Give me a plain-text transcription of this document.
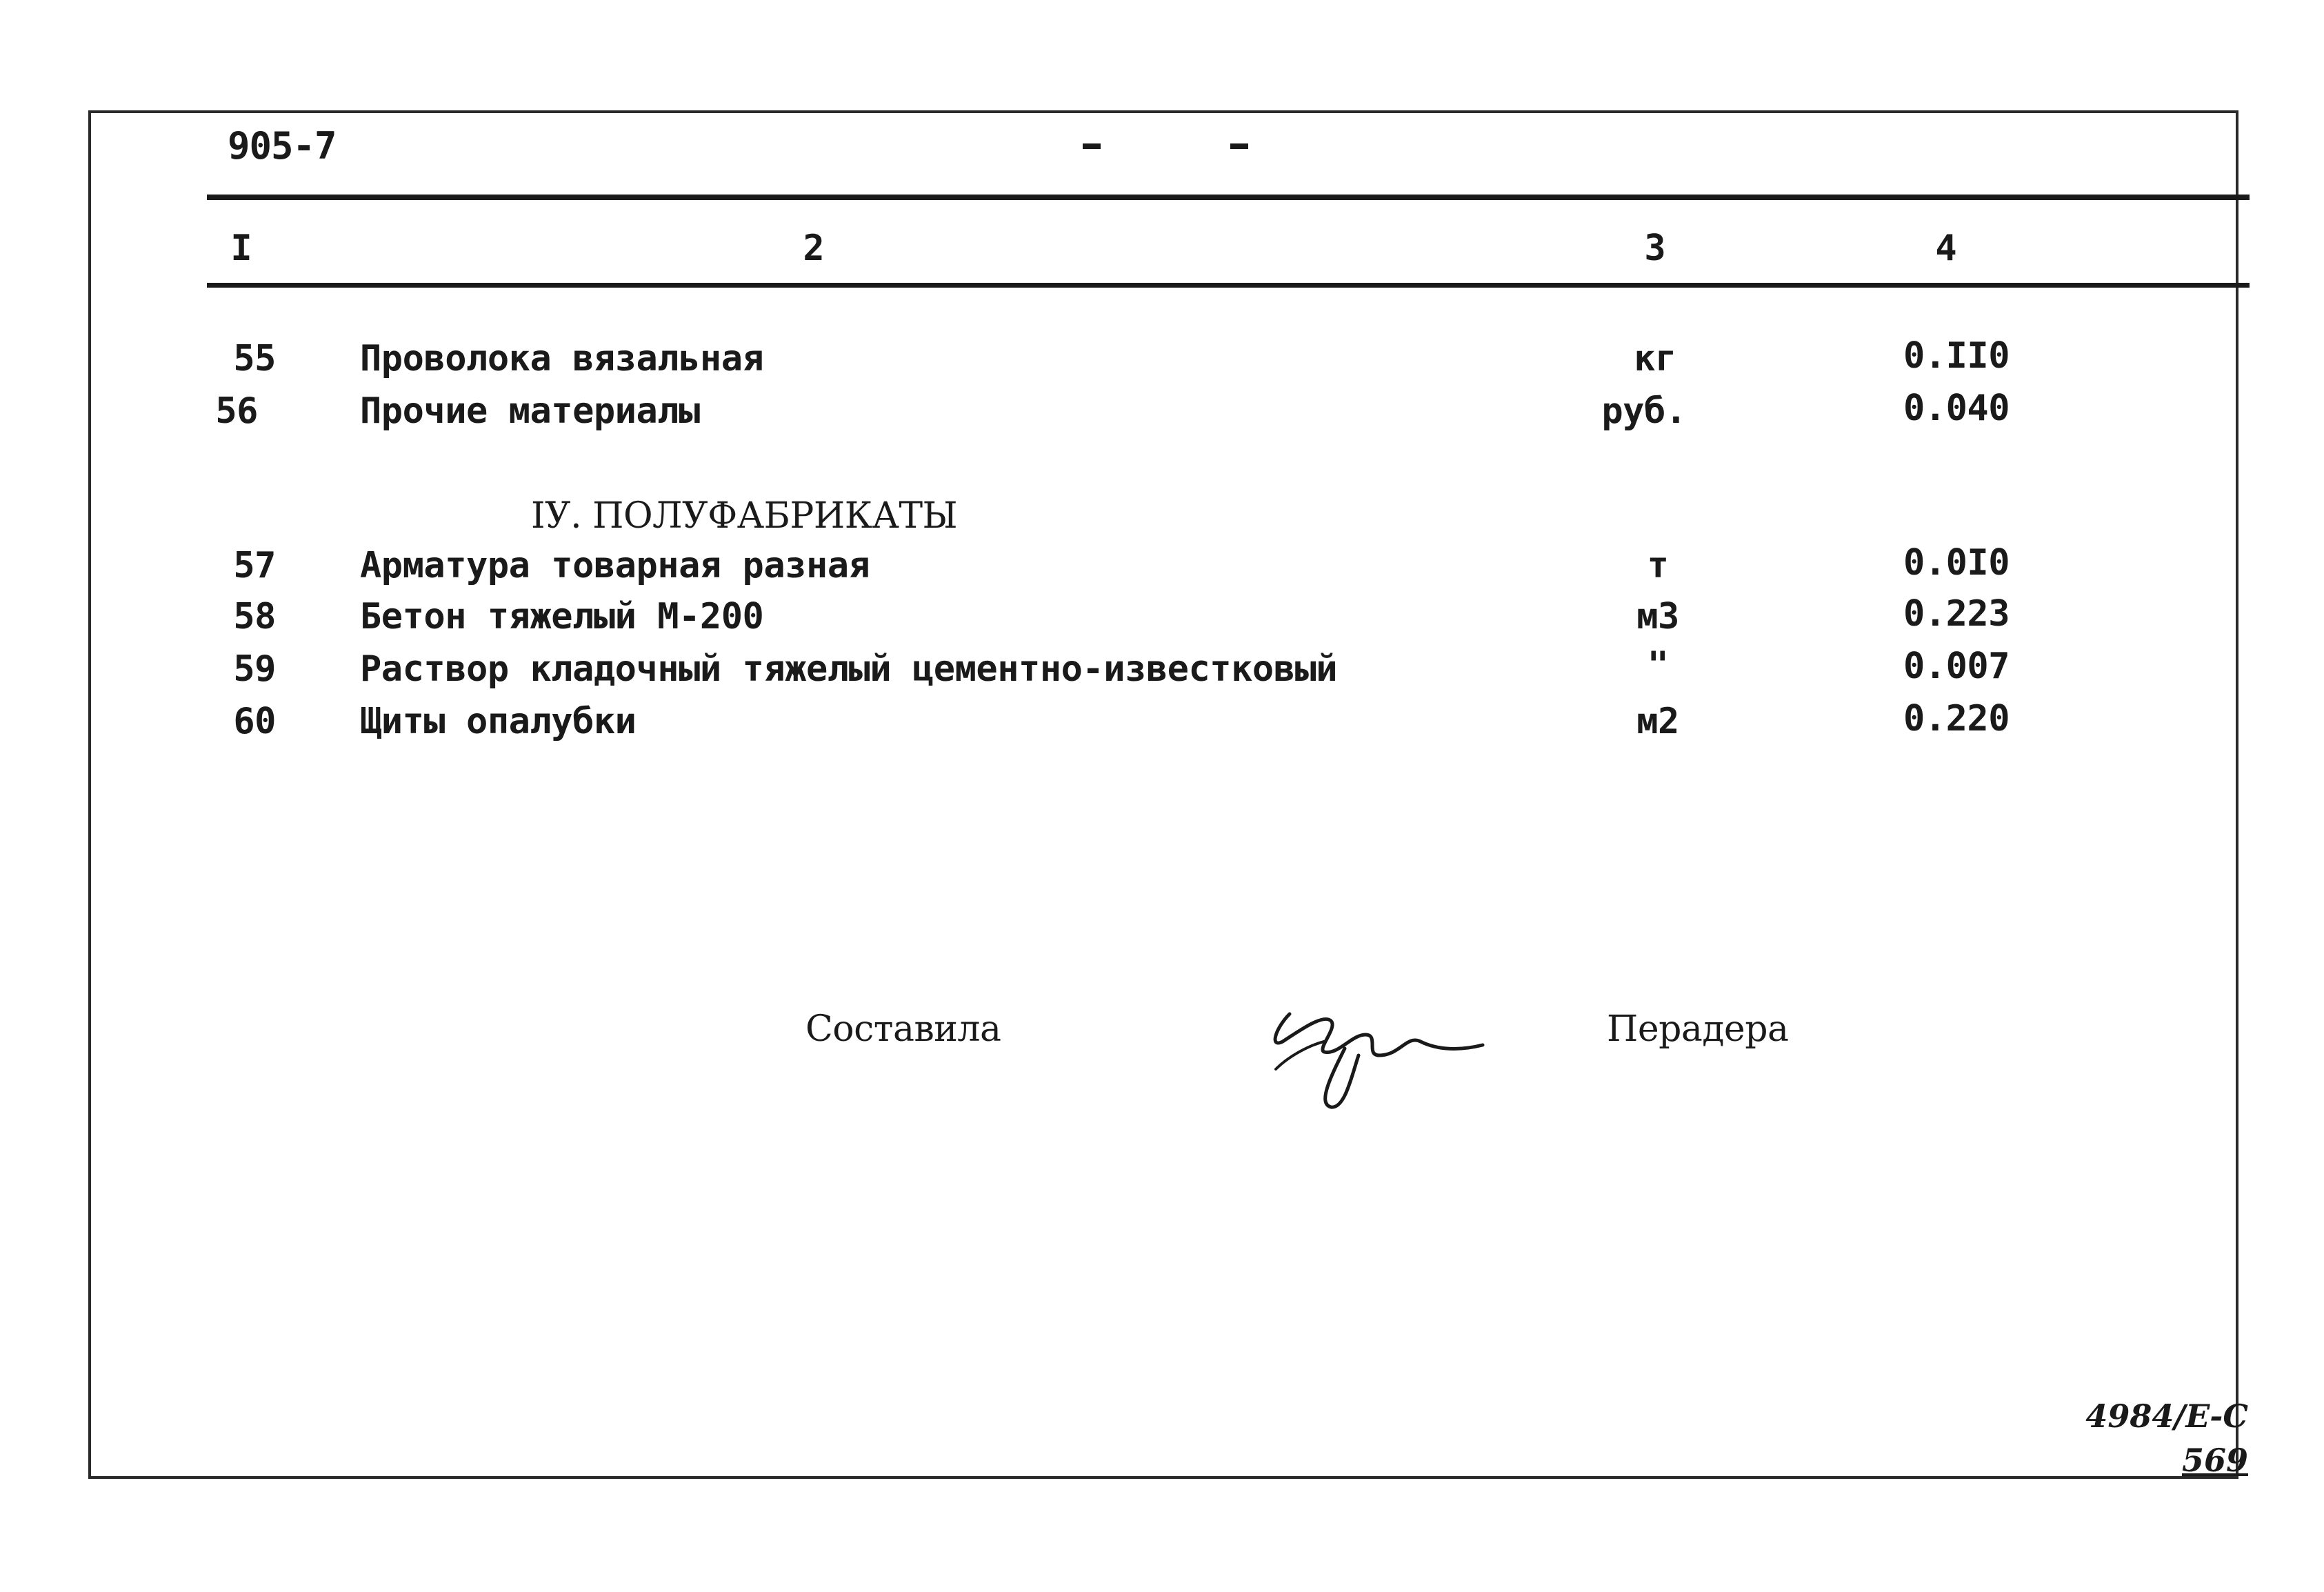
905-7
I	2	3	4
55 Проволока вязальная	кг	0.II0
56	Прочие материалы	руб.	0.040
IУ. ПОЛУФАБРИКАТЫ
57 Арматура товарная разная	т	0.0I0
58 Бетон тяжелый М-200	м3	0.223
59 Раствор кладочный тяжелый цементно-известковый	"	0.007
60 Щиты опалубки	м2	0.220
Составила	Перадера
4984/Е-С
569
